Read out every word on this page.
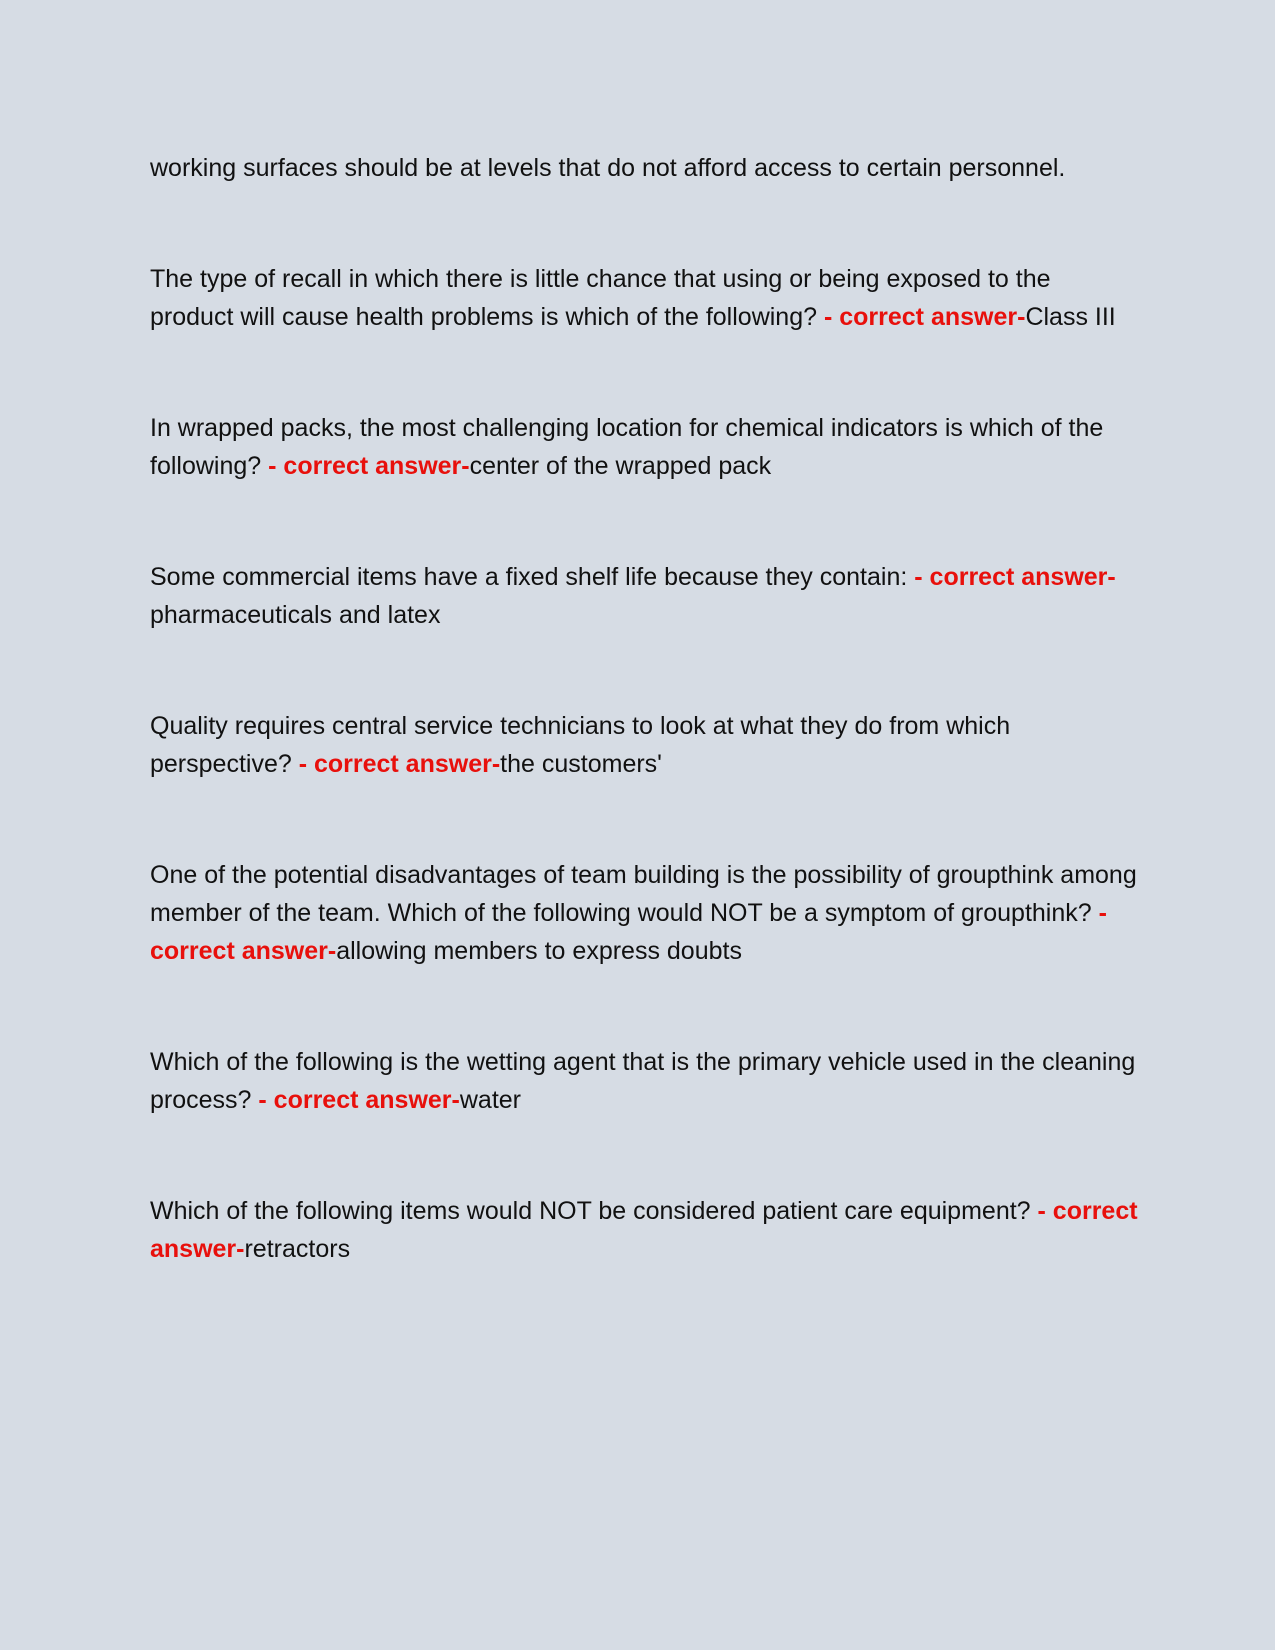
working surfaces should be at levels that do not afford access to certain personnel.

The type of recall in which there is little chance that using or being exposed to the product will cause health problems is which of the following? - correct answer-Class III

In wrapped packs, the most challenging location for chemical indicators is which of the following? - correct answer-center of the wrapped pack

Some commercial items have a fixed shelf life because they contain: - correct answer-pharmaceuticals and latex

Quality requires central service technicians to look at what they do from which perspective? - correct answer-the customers'

One of the potential disadvantages of team building is the possibility of groupthink among member of the team. Which of the following would NOT be a symptom of groupthink? - correct answer-allowing members to express doubts

Which of the following is the wetting agent that is the primary vehicle used in the cleaning process? - correct answer-water

Which of the following items would NOT be considered patient care equipment? - correct answer-retractors
